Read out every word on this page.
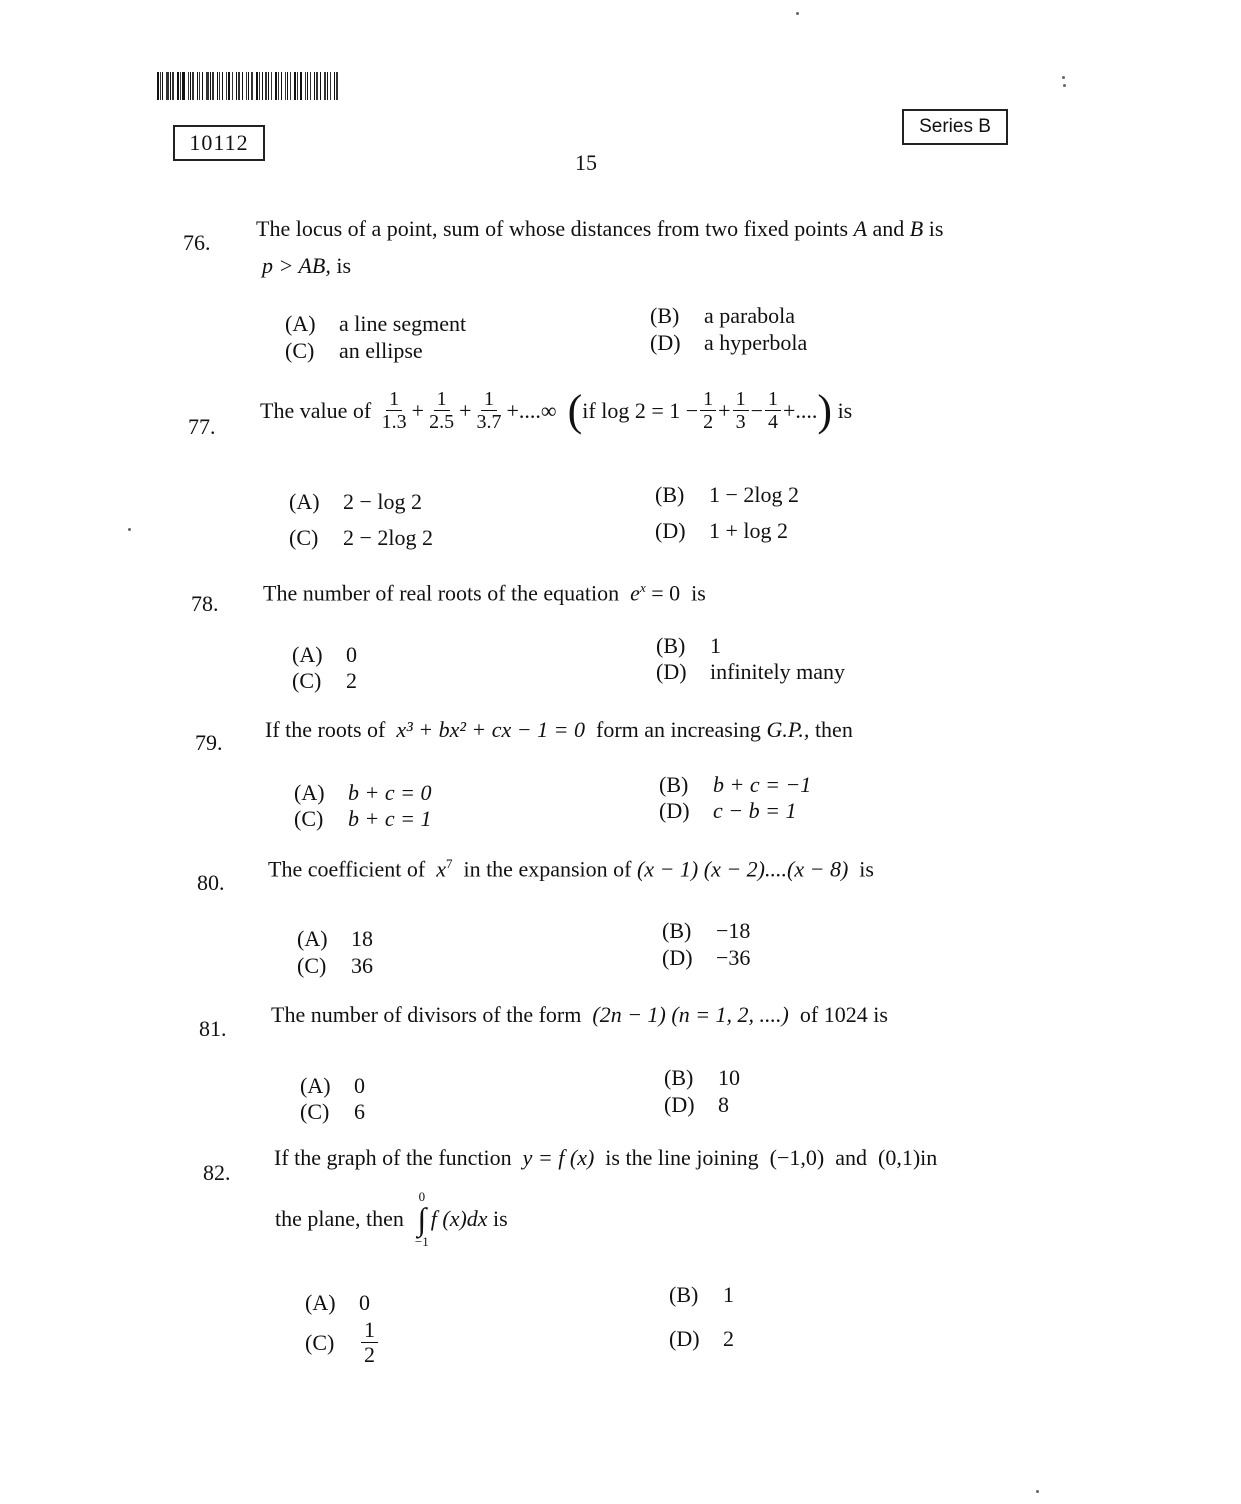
10112
Series B
15
76.
The locus of a point, sum of whose distances from two fixed points A and B is
p > AB, is
(A) a line segment
(C) an ellipse
(B) a parabola
(D) a hyperbola
77.
The value of
$\frac{1}{1.3} + \frac{1}{2.5} + \frac{1}{3.7}$ +....∞
( if $\log 2 = 1 - \frac{1}{2} + \frac{1}{3} - \frac{1}{4}$ +.... )
is
(A) 2 − log 2
(C) 2 − 2log 2
(B) 1 − 2log 2
(D) 1 + log 2
78. The number of real roots of the equation $e^x = 0$ is
(A) 0
(C) 2
(B) 1
(D) infinitely many
79.
If the roots of x³ + bx² + cx − 1 = 0 form an increasing G.P., then
(A) b + c = 0
(C) b + c = 1
(B) b + c = −1
(D) c − b = 1
80.
The coefficient of $x^7$ in the expansion of (x − 1) (x − 2)....(x − 8) is
(A) 18
(C) 36
(B) −18
(D) −36
81.
The number of divisors of the form (2n − 1) (n = 1, 2, ....) of 1024 is
(A) 0
(C) 6
(B) 10
(D) 8
82.
If the graph of the function y = f (x) is the line joining (−1,0) and (0,1)in
the plane, then

0
∫
−1
f (x)dx
is
(A) 0
(C)	$\frac{1}{2}$
(B) 1
(D) 2
